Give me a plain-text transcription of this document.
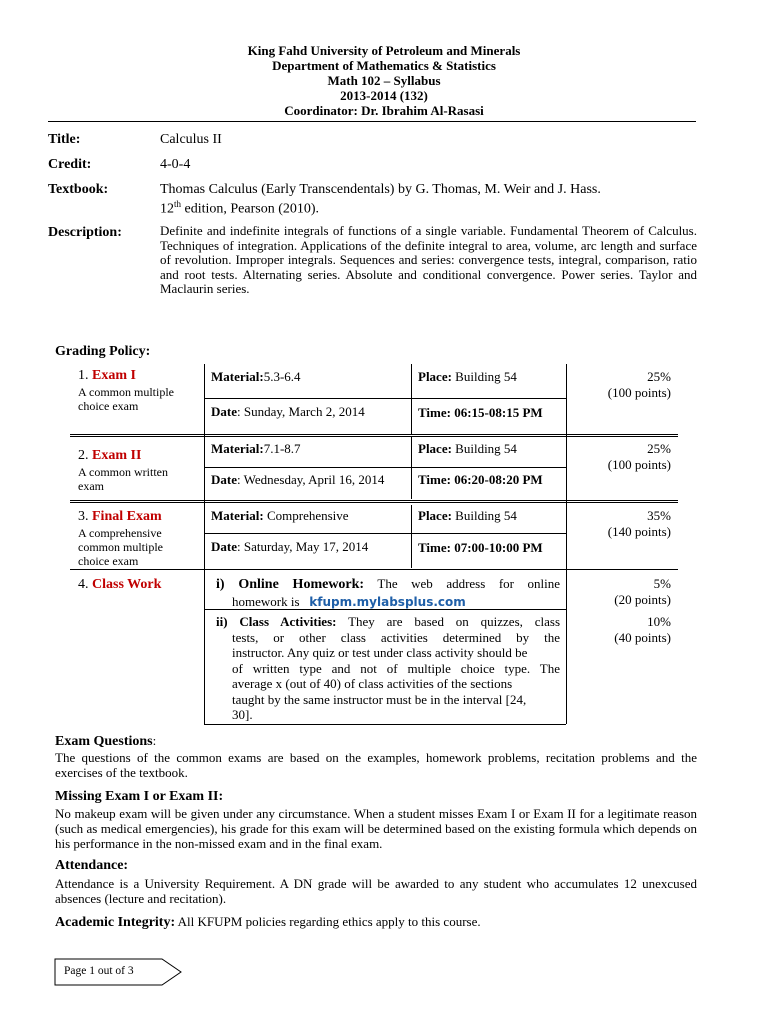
King Fahd University of Petroleum and Minerals
Department of Mathematics & Statistics
Math 102 – Syllabus
2013-2014 (132)
Coordinator: Dr. Ibrahim Al-Rasasi
Title:	Calculus II
Credit:	4-0-4
Textbook:	Thomas Calculus (Early Transcendentals) by G. Thomas, M. Weir and J. Hass.
12th edition, Pearson (2010).
Description:	Definite and indefinite integrals of functions of a single variable. Fundamental Theorem of Calculus. Techniques of integration. Applications of the definite integral to area, volume, arc length and surface of revolution. Improper integrals. Sequences and series: convergence tests, integral, comparison, ratio and root tests. Alternating series. Absolute and conditional convergence. Power series. Taylor and Maclaurin series.
Grading Policy:
1. Exam I
A common multiple
choice exam
Material:5.3-6.4	Place: Building 54
Date: Sunday, March 2, 2014	Time: 06:15-08:15 PM
25%
(100 points)
2. Exam II
A common written
exam
Material:7.1-8.7	Place: Building 54
Date: Wednesday, April 16, 2014	Time: 06:20-08:20 PM
25%
(100 points)
3. Final Exam
A comprehensive
common multiple
choice exam
Material: Comprehensive	Place: Building 54
Date: Saturday, May 17, 2014	Time: 07:00-10:00 PM
35%
(140 points)
4. Class Work	i) Online Homework: The web address for online
homework is kfupm.mylabsplus.com
5%
(20 points)
ii) Class Activities: They are based on quizzes, class
tests, or other class activities determined by the
instructor. Any quiz or test under class activity should be
of written type and not of multiple choice type. The
average x (out of 40) of class activities of the sections
taught by the same instructor must be in the interval [24,
30].
10%
(40 points)
Exam Questions:
The questions of the common exams are based on the examples, homework problems, recitation problems and the exercises of the textbook.
Missing Exam I or Exam II:
No makeup exam will be given under any circumstance. When a student misses Exam I or Exam II for a legitimate reason (such as medical emergencies), his grade for this exam will be determined based on the existing formula which depends on his performance in the non-missed exam and in the final exam.
Attendance:
Attendance is a University Requirement. A DN grade will be awarded to any student who accumulates 12 unexcused absences (lecture and recitation).
Academic Integrity: All KFUPM policies regarding ethics apply to this course.
Page 1 out of 3
